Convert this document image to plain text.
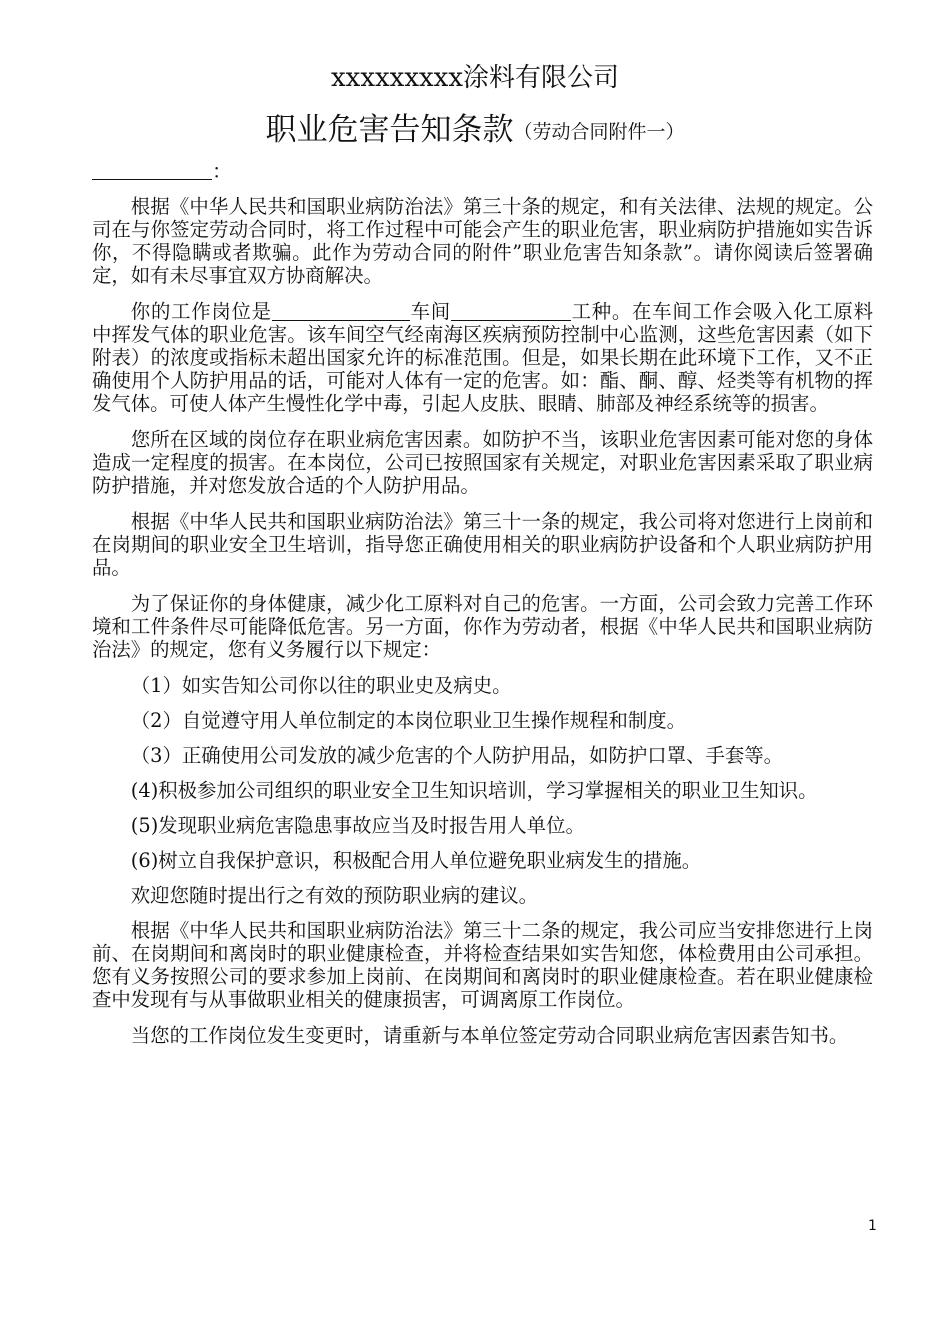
xxxxxxxxx涂料有限公司
职业危害告知条款（劳动合同附件一）
：

根据《中华人民共和国职业病防治法》第三十条的规定，和有关法律、法规的规定。公司在与你签定劳动合同时，将工作过程中可能会产生的职业危害，职业病防护措施如实告诉你，不得隐瞒或者欺骗。此作为劳动合同的附件”职业危害告知条款”。请你阅读后签署确定，如有未尽事宜双方协商解决。

你的工作岗位是	车间	工种。在车间工作会吸入化工原料中挥发气体的职业危害。该车间空气经南海区疾病预防控制中心监测，这些危害因素（如下附表）的浓度或指标未超出国家允许的标准范围。但是，如果长期在此环境下工作，又不正确使用个人防护用品的话，可能对人体有一定的危害。如：酯、酮、醇、烃类等有机物的挥发气体。可使人体产生慢性化学中毒，引起人皮肤、眼睛、肺部及神经系统等的损害。

您所在区域的岗位存在职业病危害因素。如防护不当，该职业危害因素可能对您的身体造成一定程度的损害。在本岗位，公司已按照国家有关规定，对职业危害因素采取了职业病防护措施，并对您发放合适的个人防护用品。

根据《中华人民共和国职业病防治法》第三十一条的规定，我公司将对您进行上岗前和在岗期间的职业安全卫生培训，指导您正确使用相关的职业病防护设备和个人职业病防护用品。

为了保证你的身体健康，减少化工原料对自己的危害。一方面，公司会致力完善工作环境和工件条件尽可能降低危害。另一方面，你作为劳动者，根据《中华人民共和国职业病防治法》的规定，您有义务履行以下规定：

（1）如实告知公司你以往的职业史及病史。

（2）自觉遵守用人单位制定的本岗位职业卫生操作规程和制度。

（3）正确使用公司发放的减少危害的个人防护用品，如防护口罩、手套等。

(4)积极参加公司组织的职业安全卫生知识培训，学习掌握相关的职业卫生知识。

(5)发现职业病危害隐患事故应当及时报告用人单位。

(6)树立自我保护意识，积极配合用人单位避免职业病发生的措施。

欢迎您随时提出行之有效的预防职业病的建议。

根据《中华人民共和国职业病防治法》第三十二条的规定，我公司应当安排您进行上岗前、在岗期间和离岗时的职业健康检查，并将检查结果如实告知您，体检费用由公司承担。您有义务按照公司的要求参加上岗前、在岗期间和离岗时的职业健康检查。若在职业健康检查中发现有与从事做职业相关的健康损害，可调离原工作岗位。

当您的工作岗位发生变更时，请重新与本单位签定劳动合同职业病危害因素告知书。

1
